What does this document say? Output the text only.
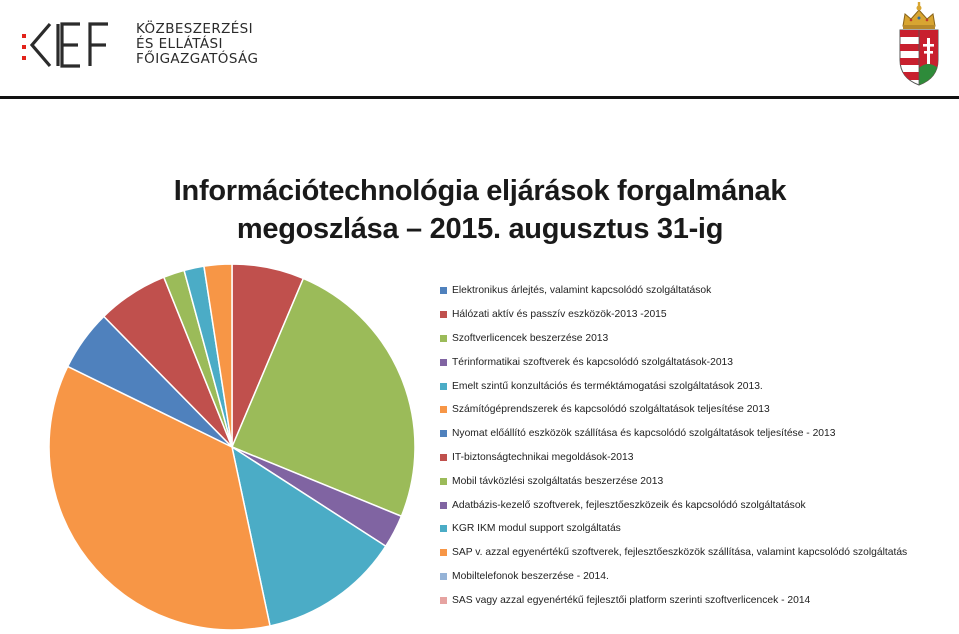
KÖZBESZERZÉSI
ÉS ELLÁTÁSI
FŐIGAZGATÓSÁG
Információtechnológia eljárások forgalmának
megoszlása – 2015. augusztus 31-ig
Elektronikus árlejtés, valamint kapcsolódó szolgáltatások
Hálózati aktív és passzív eszközök-2013 -2015
Szoftverlicencek beszerzése 2013
Térinformatikai szoftverek és kapcsolódó szolgáltatások-2013
Emelt szintű konzultációs és terméktámogatási szolgáltatások 2013.
Számítógéprendszerek és kapcsolódó szolgáltatások teljesítése 2013
Nyomat előállító eszközök szállítása és kapcsolódó szolgáltatások teljesítése - 2013
IT-biztonságtechnikai megoldások-2013
Mobil távközlési szolgáltatás beszerzése 2013
Adatbázis-kezelő szoftverek, fejlesztőeszközeik és kapcsolódó szolgáltatások
KGR IKM modul support szolgáltatás
SAP v. azzal egyenértékű szoftverek, fejlesztőeszközök szállítása, valamint kapcsolódó szolgáltatás
Mobiltelefonok beszerzése - 2014.
SAS vagy azzal egyenértékű fejlesztői platform szerinti szoftverlicencek - 2014
